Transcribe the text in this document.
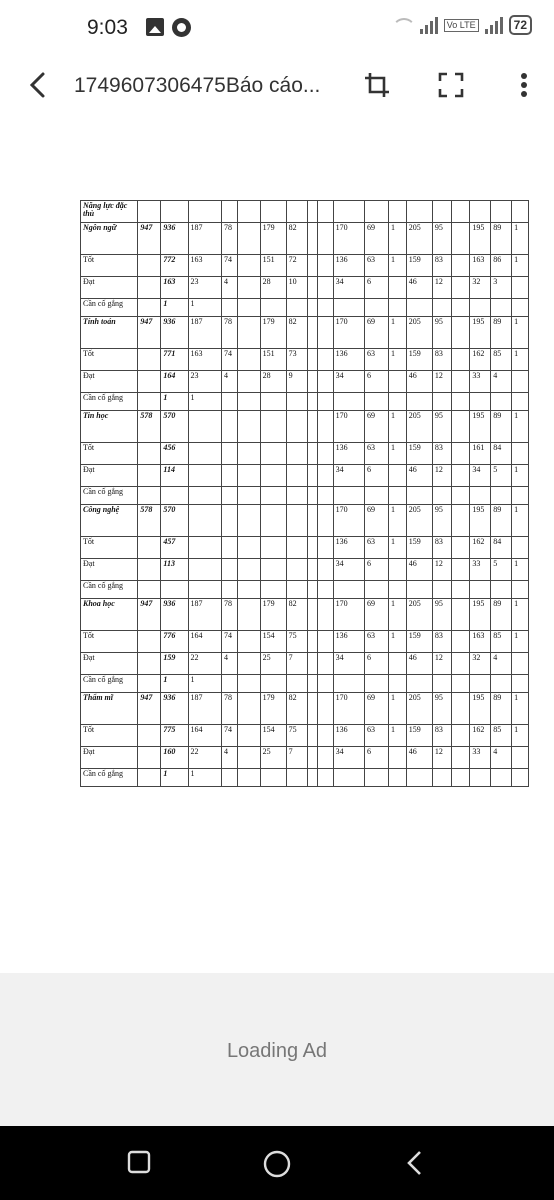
9:03	Vo LTE	72
1749607306475Báo cáo...
Năng lực đặc thù																		
Ngôn ngữ	947	936	187	78		179	82			170	69	1	205	95		195	89	1
Tốt		772	163	74		151	72			136	63	1	159	83		163	86	1
Đạt		163	23	4		28	10			34	6		46	12		32	3	
Cần cố gắng		1	1															
Tính toán	947	936	187	78		179	82			170	69	1	205	95		195	89	1
Tốt		771	163	74		151	73			136	63	1	159	83		162	85	1
Đạt		164	23	4		28	9			34	6		46	12		33	4	
Cần cố gắng		1	1															
Tin học	578	570								170	69	1	205	95		195	89	1
Tốt		456								136	63	1	159	83		161	84	
Đạt		114								34	6		46	12		34	5	1
Cần cố gắng																		
Công nghệ	578	570								170	69	1	205	95		195	89	1
Tốt		457								136	63	1	159	83		162	84	
Đạt		113								34	6		46	12		33	5	1
Cần cố gắng																		
Khoa học	947	936	187	78		179	82			170	69	1	205	95		195	89	1
Tốt		776	164	74		154	75			136	63	1	159	83		163	85	1
Đạt		159	22	4		25	7			34	6		46	12		32	4	
Cần cố gắng		1	1															
Thẩm mĩ	947	936	187	78		179	82			170	69	1	205	95		195	89	1
Tốt		775	164	74		154	75			136	63	1	159	83		162	85	1
Đạt		160	22	4		25	7			34	6		46	12		33	4	
Cần cố gắng		1	1															
Loading Ad
